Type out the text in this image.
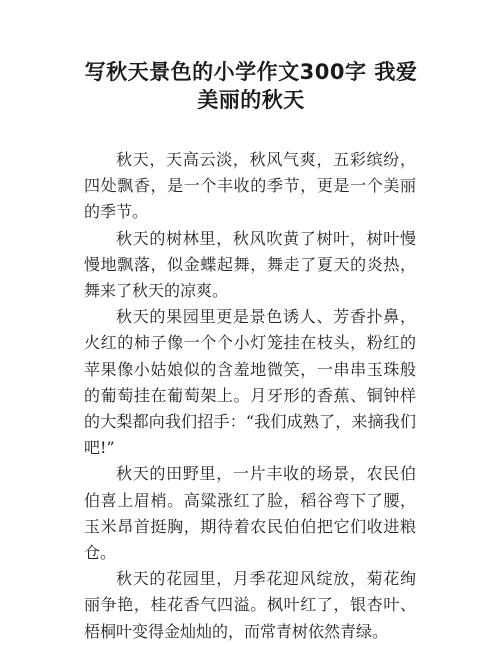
写秋天景色的小学作文300字 我爱美丽的秋天

秋天，天高云淡，秋风气爽，五彩缤纷，四处飘香，是一个丰收的季节，更是一个美丽的季节。

秋天的树林里，秋风吹黄了树叶，树叶慢慢地飘落，似金蝶起舞，舞走了夏天的炎热，舞来了秋天的凉爽。

秋天的果园里更是景色诱人、芳香扑鼻，火红的柿子像一个个小灯笼挂在枝头，粉红的苹果像小姑娘似的含羞地微笑，一串串玉珠般的葡萄挂在葡萄架上。月牙形的香蕉、铜钟样的大梨都向我们招手：“我们成熟了，来摘我们吧!”

秋天的田野里，一片丰收的场景，农民伯伯喜上眉梢。高粱涨红了脸，稻谷弯下了腰，玉米昂首挺胸，期待着农民伯伯把它们收进粮仓。

秋天的花园里，月季花迎风绽放，菊花绚丽争艳，桂花香气四溢。枫叶红了，银杏叶、梧桐叶变得金灿灿的，而常青树依然青绿。
